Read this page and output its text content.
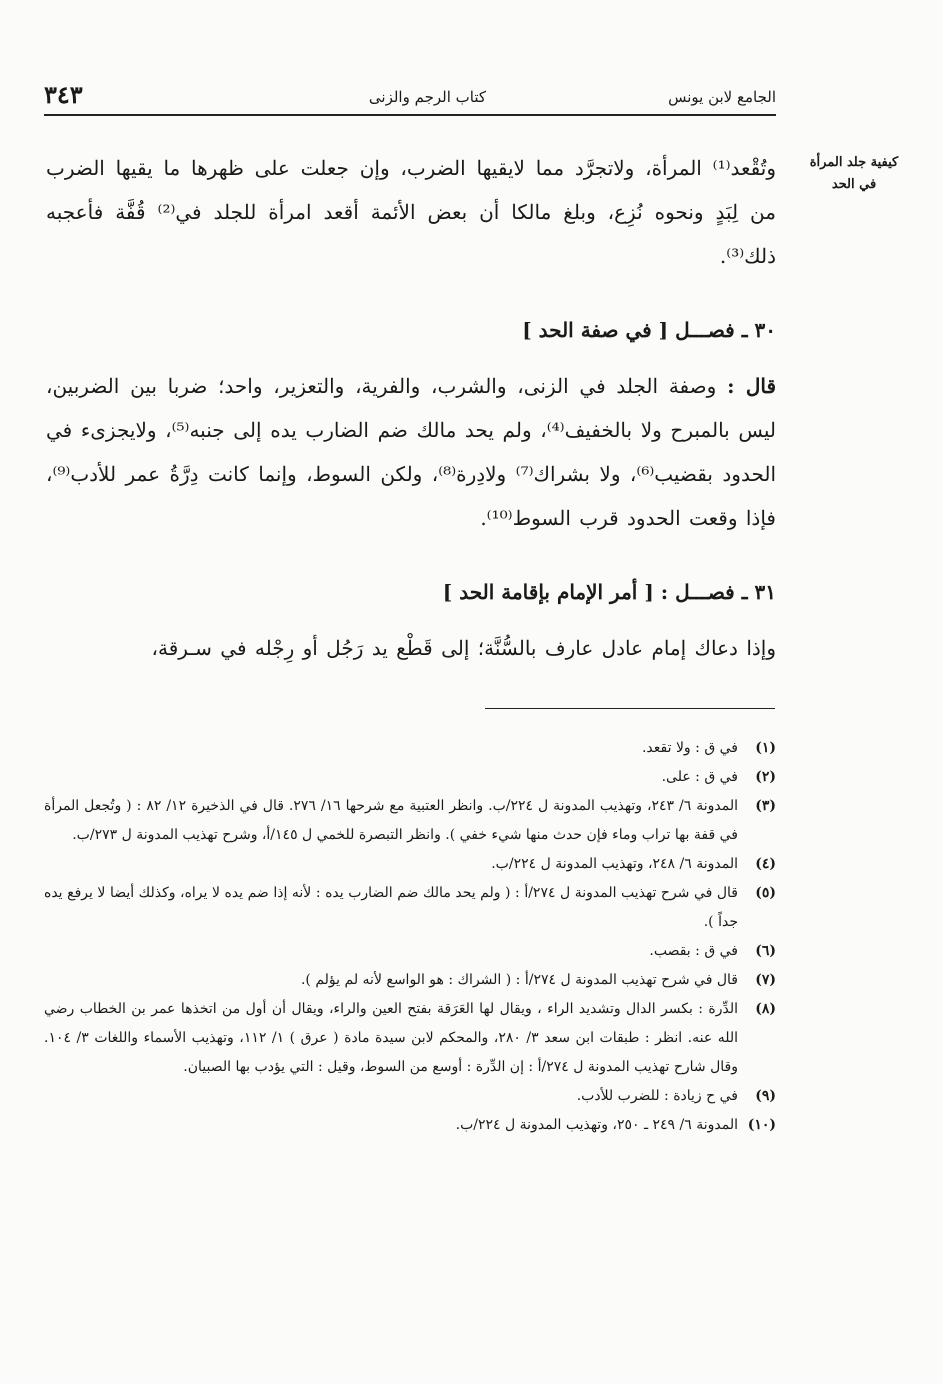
الجامع لابن يونس
كتاب الرجم والزنى
٣٤٣
كيفية جلد المرأة
في الحد
وتُقْعد⁽¹⁾ المرأة، ولاتجرَّد مما لايقيها الضرب، وإن جعلت على ظهرها ما يقيها الضرب من لِبَدٍ ونحوه نُزِع، وبلغ مالكا أن بعض الأئمة أقعد امرأة للجلد في⁽²⁾ قُفَّة فأعجبه ذلك⁽³⁾.
٣٠ ـ فصـــل [ في صفة الحد ]
قال : وصفة الجلد في الزنى، والشرب، والفرية، والتعزير، واحد؛ ضربا بين الضربين، ليس بالمبرح ولا بالخفيف⁽⁴⁾، ولم يحد مالك ضم الضارب يده إلى جنبه⁽⁵⁾، ولايجزىء في الحدود بقضيب⁽⁶⁾، ولا بشراك⁽⁷⁾ ولادِرة⁽⁸⁾، ولكن السوط، وإنما كانت دِرَّةُ عمر للأدب⁽⁹⁾، فإذا وقعت الحدود قرب السوط⁽¹⁰⁾.
٣١ ـ فصـــل : [ أمر الإمام بإقامة الحد ]
وإذا دعاك إمام عادل عارف بالسُّنَّة؛ إلى قَطْع يد رَجُل أو رِجْله في سـرقة،
(١)
في ق : ولا تقعد.
(٢)
في ق : على.
(٣)
المدونة ٦/ ٢٤٣، وتهذيب المدونة ل ٢٢٤/ب. وانظر العتبية مع شرحها ١٦/ ٢٧٦. قال في الذخيرة ١٢/ ٨٢ : ( وتُجعل المرأة في قفة بها تراب وماء فإن حدث منها شيء خفي ). وانظر التبصرة للخمي ل ١٤٥/أ، وشرح تهذيب المدونة ل ٢٧٣/ب.
(٤)
المدونة ٦/ ٢٤٨، وتهذيب المدونة ل ٢٢٤/ب.
(٥)
قال في شرح تهذيب المدونة ل ٢٧٤/أ : ( ولم يحد مالك ضم الضارب يده : لأنه إذا ضم يده لا يراه، وكذلك أيضا لا يرفع يده جداً ).
(٦)
في ق : بقصب.
(٧)
قال في شرح تهذيب المدونة ل ٢٧٤/أ : ( الشراك : هو الواسع لأنه لم يؤلم ).
(٨)
الدِّرة : بكسر الدال وتشديد الراء ، ويقال لها العَرَقة بفتح العين والراء، ويقال أن أول من اتخذها عمر بن الخطاب رضي الله عنه. انظر : طبقات ابن سعد ٣/ ٢٨٠، والمحكم لابن سيدة مادة ( عرق ) ١/ ١١٢، وتهذيب الأسماء واللغات ٣/ ١٠٤. وقال شارح تهذيب المدونة ل ٢٧٤/أ : إن الدِّرة : أوسع من السوط، وقيل : التي يؤدب بها الصبيان.
(٩)
في ح زيادة : للضرب للأدب.
(١٠)
المدونة ٦/ ٢٤٩ ـ ٢٥٠، وتهذيب المدونة ل ٢٢٤/ب.
